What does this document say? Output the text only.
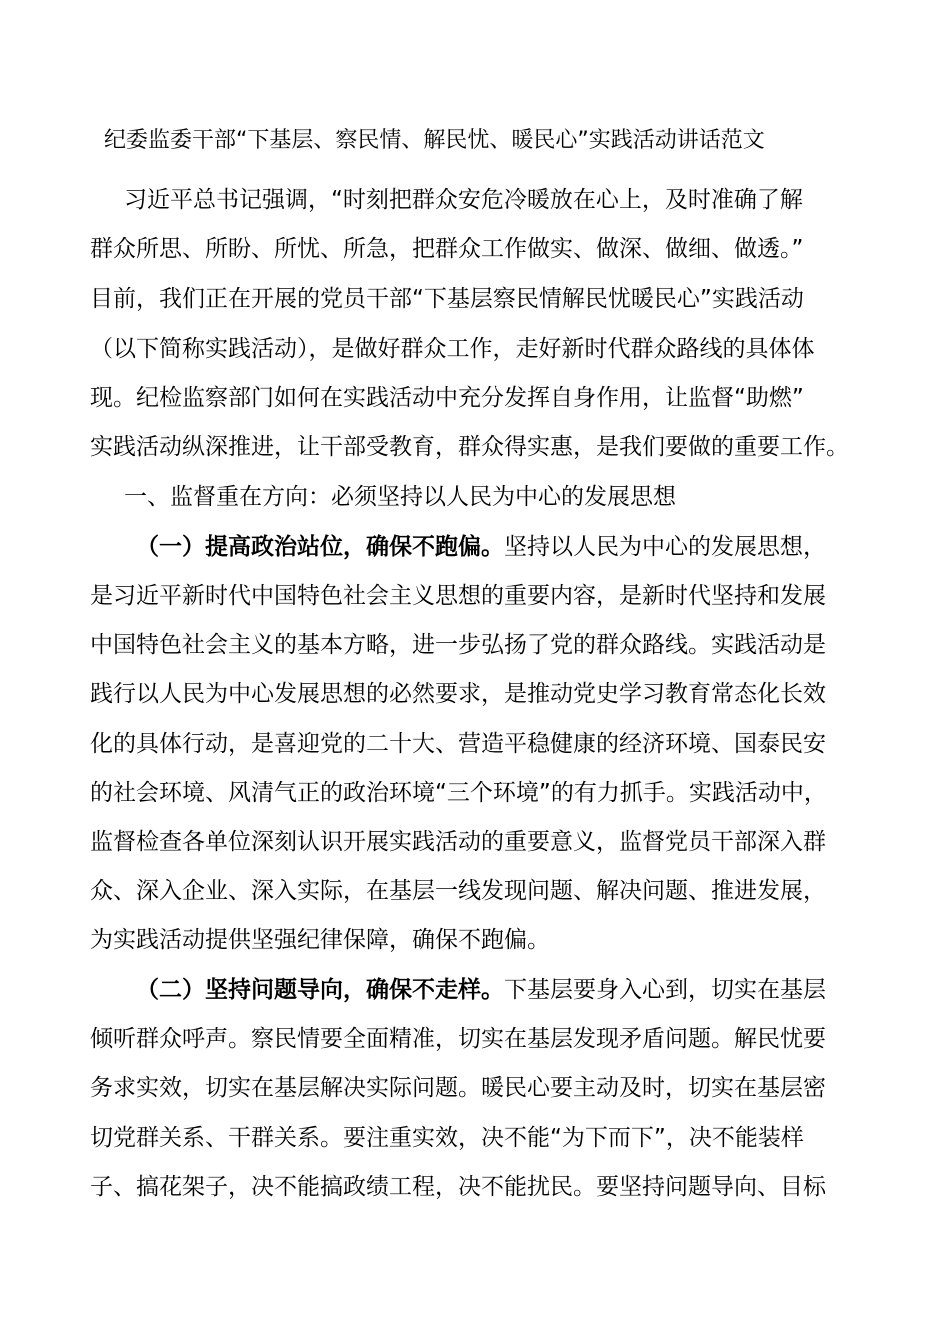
纪委监委干部“下基层、察民情、解民忧、暖民心”实践活动讲话范文
习近平总书记强调，“时刻把群众安危冷暖放在心上，及时准确了解
群众所思、所盼、所忧、所急，把群众工作做实、做深、做细、做透。”
目前，我们正在开展的党员干部“下基层察民情解民忧暖民心”实践活动
（以下简称实践活动），是做好群众工作，走好新时代群众路线的具体体
现。纪检监察部门如何在实践活动中充分发挥自身作用，让监督“助燃”
实践活动纵深推进，让干部受教育，群众得实惠，是我们要做的重要工作。
一、监督重在方向：必须坚持以人民为中心的发展思想
（一）提高政治站位，确保不跑偏。坚持以人民为中心的发展思想，
是习近平新时代中国特色社会主义思想的重要内容，是新时代坚持和发展
中国特色社会主义的基本方略，进一步弘扬了党的群众路线。实践活动是
践行以人民为中心发展思想的必然要求，是推动党史学习教育常态化长效
化的具体行动，是喜迎党的二十大、营造平稳健康的经济环境、国泰民安
的社会环境、风清气正的政治环境“三个环境”的有力抓手。实践活动中，
监督检查各单位深刻认识开展实践活动的重要意义，监督党员干部深入群
众、深入企业、深入实际，在基层一线发现问题、解决问题、推进发展，
为实践活动提供坚强纪律保障，确保不跑偏。
（二）坚持问题导向，确保不走样。下基层要身入心到，切实在基层
倾听群众呼声。察民情要全面精准，切实在基层发现矛盾问题。解民忧要
务求实效，切实在基层解决实际问题。暖民心要主动及时，切实在基层密
切党群关系、干群关系。要注重实效，决不能“为下而下”，决不能装样
子、搞花架子，决不能搞政绩工程，决不能扰民。要坚持问题导向、目标
